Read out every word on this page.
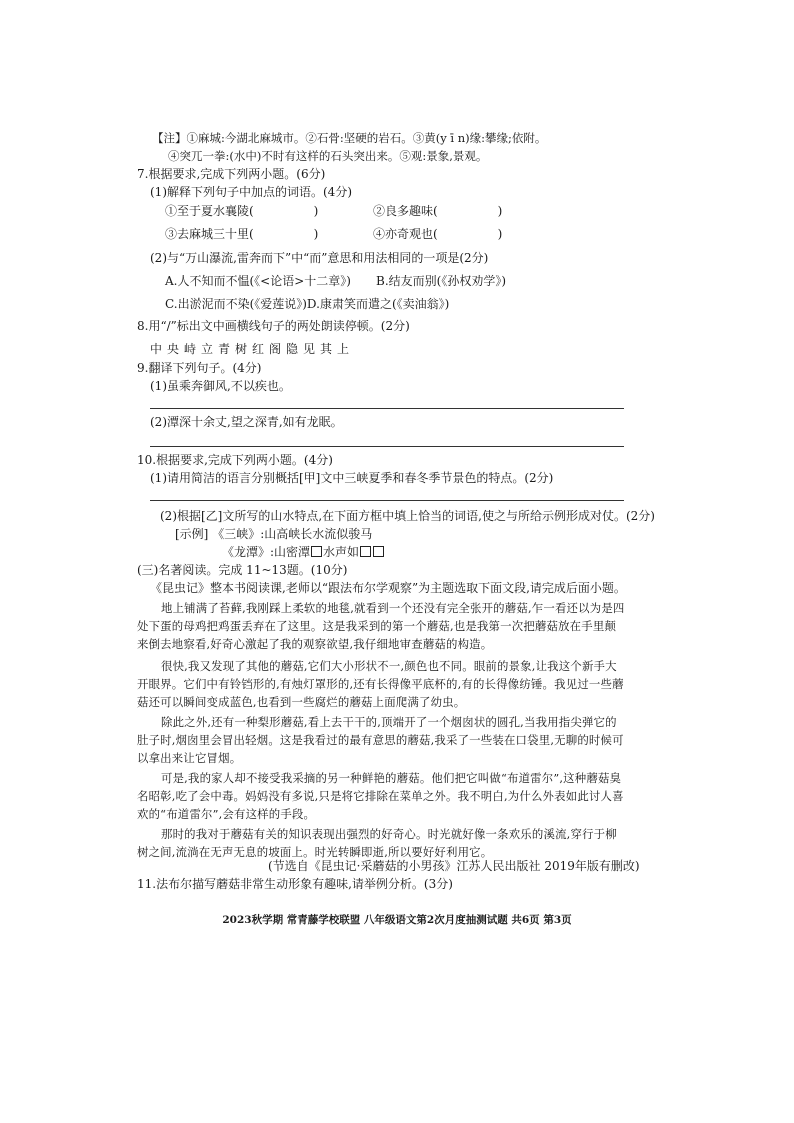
【注】①麻城:今湖北麻城市。②石骨:坚硬的岩石。③黄(y ī n)缘:攀缘;依附。
④突兀一拳:(水中)不时有这样的石头突出来。⑤观:景象,景观。
7.根据要求,完成下列两小题。(6分)
(1)解释下列句子中加点的词语。(4分)
①至于夏水襄陵(　　　　　)	②良多趣味(　　　　　)
③去麻城三十里(　　　　　)	④亦奇观也(　　　　　)
(2)与“万山瀑流,雷奔而下”中“而”意思和用法相同的一项是(2分)
A.人不知而不愠(《<论语>十二章》) B.结友而别(《孙权劝学》)
C.出淤泥而不染(《爱莲说》)D.康肃笑而遣之(《卖油翁》)
8.用“/”标出文中画横线句子的两处朗读停顿。(2分)
中央峙立青树红阁隐见其上
9.翻译下列句子。(4分)
(1)虽乘奔御风,不以疾也。
(2)潭深十余丈,望之深青,如有龙眠。
10.根据要求,完成下列两小题。(4分)
(1)请用简洁的语言分别概括[甲]文中三峡夏季和春冬季节景色的特点。(2分)
(2)根据[乙]文所写的山水特点,在下面方框中填上恰当的词语,使之与所给示例形成对仗。(2分)
[示例] 《三峡》:山高峡长水流似骏马
《龙潭》:山密潭 水声如
(三)名著阅读。完成 11~13题。(10分)
《昆虫记》整本书阅读课,老师以“跟法布尔学观察”为主题选取下面文段,请完成后面小题。
地上铺满了苔藓,我刚踩上柔软的地毯,就看到一个还没有完全张开的蘑菇,乍一看还以为是四处下蛋的母鸡把鸡蛋丢弃在了这里。这是我采到的第一个蘑菇,也是我第一次把蘑菇放在手里颠来倒去地察看,好奇心激起了我的观察欲望,我仔细地审查蘑菇的构造。
很快,我又发现了其他的蘑菇,它们大小形状不一,颜色也不同。眼前的景象,让我这个新手大开眼界。它们中有铃铛形的,有烛灯罩形的,还有长得像平底杯的,有的长得像纺锤。我见过一些蘑菇还可以瞬间变成蓝色,也看到一些腐烂的蘑菇上面爬满了幼虫。
除此之外,还有一种梨形蘑菇,看上去干干的,顶端开了一个烟囱状的圆孔,当我用指尖弹它的肚子时,烟囱里会冒出轻烟。这是我看过的最有意思的蘑菇,我采了一些装在口袋里,无聊的时候可以拿出来让它冒烟。
可是,我的家人却不接受我采摘的另一种鲜艳的蘑菇。他们把它叫做“布道雷尔”,这种蘑菇臭名昭彰,吃了会中毒。妈妈没有多说,只是将它排除在菜单之外。我不明白,为什么外表如此讨人喜欢的“布道雷尔”,会有这样的手段。
那时的我对于蘑菇有关的知识表现出强烈的好奇心。时光就好像一条欢乐的溪流,穿行于柳树之间,流淌在无声无息的坡面上。时光转瞬即逝,所以要好好利用它。
(节选自《昆虫记·采蘑菇的小男孩》江苏人民出版社 2019年版有删改)
11.法布尔描写蘑菇非常生动形象有趣味,请举例分析。(3分)
2023秋学期 常青藤学校联盟 八年级语文第2次月度抽测试题 共6页 第3页
